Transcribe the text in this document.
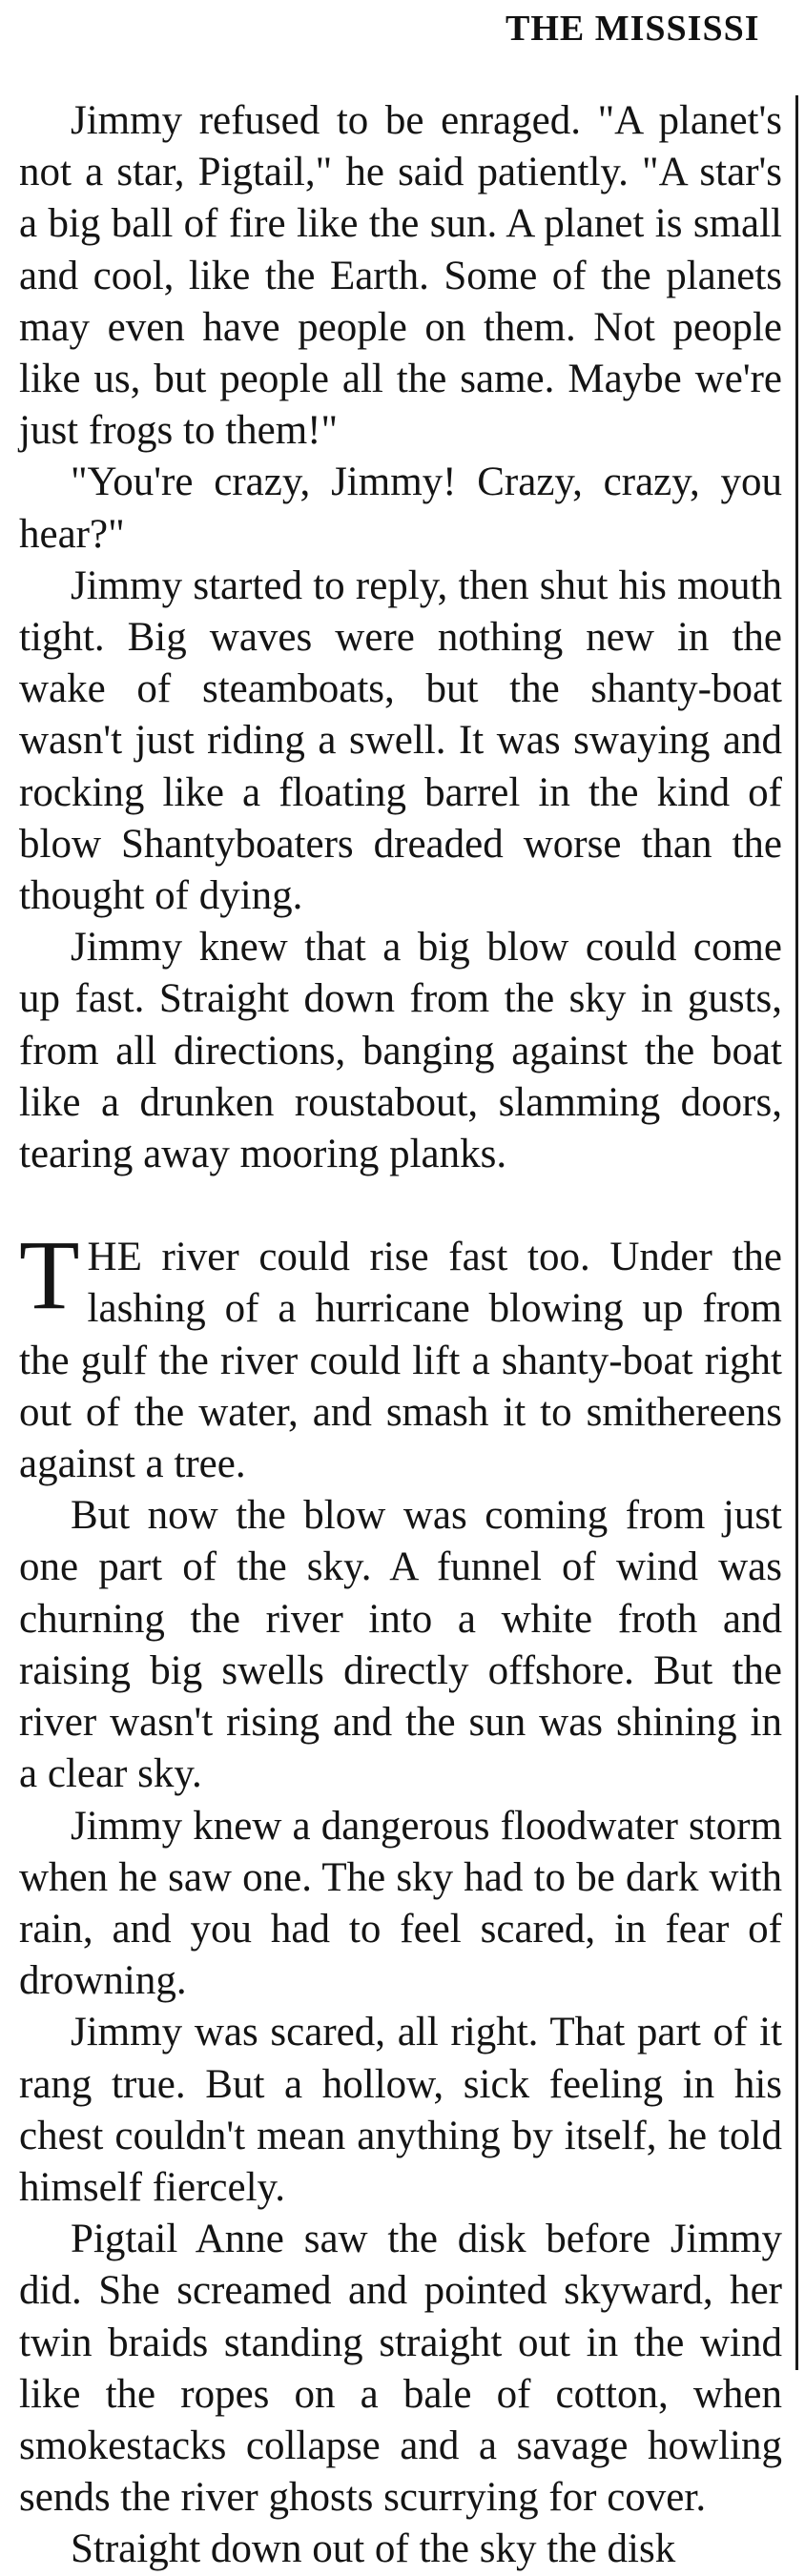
THE MISSISSI

Jimmy refused to be enraged. "A planet's not a star, Pigtail," he said patiently. "A star's a big ball of fire like the sun. A planet is small and cool, like the Earth. Some of the planets may even have people on them. Not people like us, but people all the same. Maybe we're just frogs to them!"

"You're crazy, Jimmy! Crazy, crazy, you hear?"

Jimmy started to reply, then shut his mouth tight. Big waves were nothing new in the wake of steamboats, but the shanty-boat wasn't just riding a swell. It was swaying and rocking like a floating barrel in the kind of blow Shantyboaters dreaded worse than the thought of dying.

Jimmy knew that a big blow could come up fast. Straight down from the sky in gusts, from all directions, banging against the boat like a drunken roustabout, slamming doors, tearing away mooring planks.

THE river could rise fast too. Under the lashing of a hurricane blowing up from the gulf the river could lift a shanty-boat right out of the water, and smash it to smithereens against a tree.

But now the blow was coming from just one part of the sky. A funnel of wind was churning the river into a white froth and raising big swells directly offshore. But the river wasn't rising and the sun was shining in a clear sky.

Jimmy knew a dangerous floodwater storm when he saw one. The sky had to be dark with rain, and you had to feel scared, in fear of drowning.

Jimmy was scared, all right. That part of it rang true. But a hollow, sick feeling in his chest couldn't mean anything by itself, he told himself fiercely.

Pigtail Anne saw the disk before Jimmy did. She screamed and pointed skyward, her twin braids standing straight out in the wind like the ropes on a bale of cotton, when smokestacks collapse and a savage howling sends the river ghosts scurrying for cover.

Straight down out of the sky the disk
